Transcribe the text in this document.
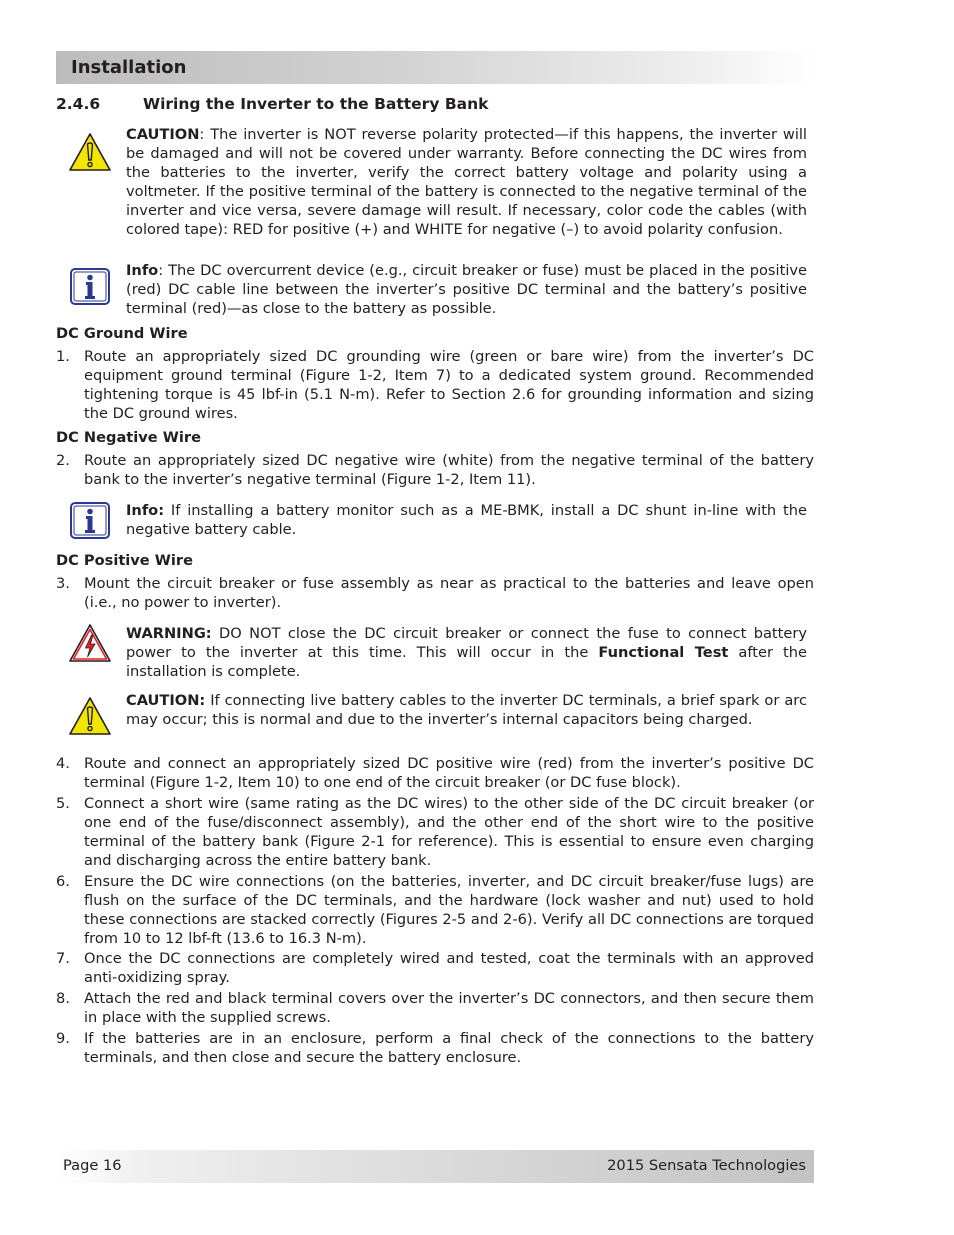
Installation
2.4.6	Wiring the Inverter to the Battery Bank
CAUTION: The inverter is NOT reverse polarity protected—if this happens, the inverter will be damaged and will not be covered under warranty. Before connecting the DC wires from the batteries to the inverter, verify the correct battery voltage and polarity using a voltmeter. If the positive terminal of the battery is connected to the negative terminal of the inverter and vice versa, severe damage will result. If necessary, color code the cables (with colored tape): RED for positive (+) and WHITE for negative (–) to avoid polarity confusion.
Info: The DC overcurrent device (e.g., circuit breaker or fuse) must be placed in the positive (red) DC cable line between the inverter’s positive DC terminal and the battery’s positive terminal (red)—as close to the battery as possible.
DC Ground Wire
1. Route an appropriately sized DC grounding wire (green or bare wire) from the inverter’s DC equipment ground terminal (Figure 1-2, Item 7) to a dedicated system ground. Recommended tightening torque is 45 lbf-in (5.1 N-m). Refer to Section 2.6 for grounding information and sizing the DC ground wires.
DC Negative Wire
2. Route an appropriately sized DC negative wire (white) from the negative terminal of the battery bank to the inverter’s negative terminal (Figure 1-2, Item 11).
Info: If installing a battery monitor such as a ME-BMK, install a DC shunt in-line with the negative battery cable.
DC Positive Wire
3. Mount the circuit breaker or fuse assembly as near as practical to the batteries and leave open (i.e., no power to inverter).
WARNING: DO NOT close the DC circuit breaker or connect the fuse to connect battery power to the inverter at this time. This will occur in the Functional Test after the installation is complete.
CAUTION: If connecting live battery cables to the inverter DC terminals, a brief spark or arc may occur; this is normal and due to the inverter’s internal capacitors being charged.
4. Route and connect an appropriately sized DC positive wire (red) from the inverter’s positive DC terminal (Figure 1-2, Item 10) to one end of the circuit breaker (or DC fuse block).
5. Connect a short wire (same rating as the DC wires) to the other side of the DC circuit breaker (or one end of the fuse/disconnect assembly), and the other end of the short wire to the positive terminal of the battery bank (Figure 2-1 for reference). This is essential to ensure even charging and discharging across the entire battery bank.
6. Ensure the DC wire connections (on the batteries, inverter, and DC circuit breaker/fuse lugs) are flush on the surface of the DC terminals, and the hardware (lock washer and nut) used to hold these connections are stacked correctly (Figures 2-5 and 2-6). Verify all DC connections are torqued from 10 to 12 lbf-ft (13.6 to 16.3 N-m).
7. Once the DC connections are completely wired and tested, coat the terminals with an approved anti-oxidizing spray.
8. Attach the red and black terminal covers over the inverter’s DC connectors, and then secure them in place with the supplied screws.
9. If the batteries are in an enclosure, perform a final check of the connections to the battery terminals, and then close and secure the battery enclosure.
Page 16	2015 Sensata Technologies
